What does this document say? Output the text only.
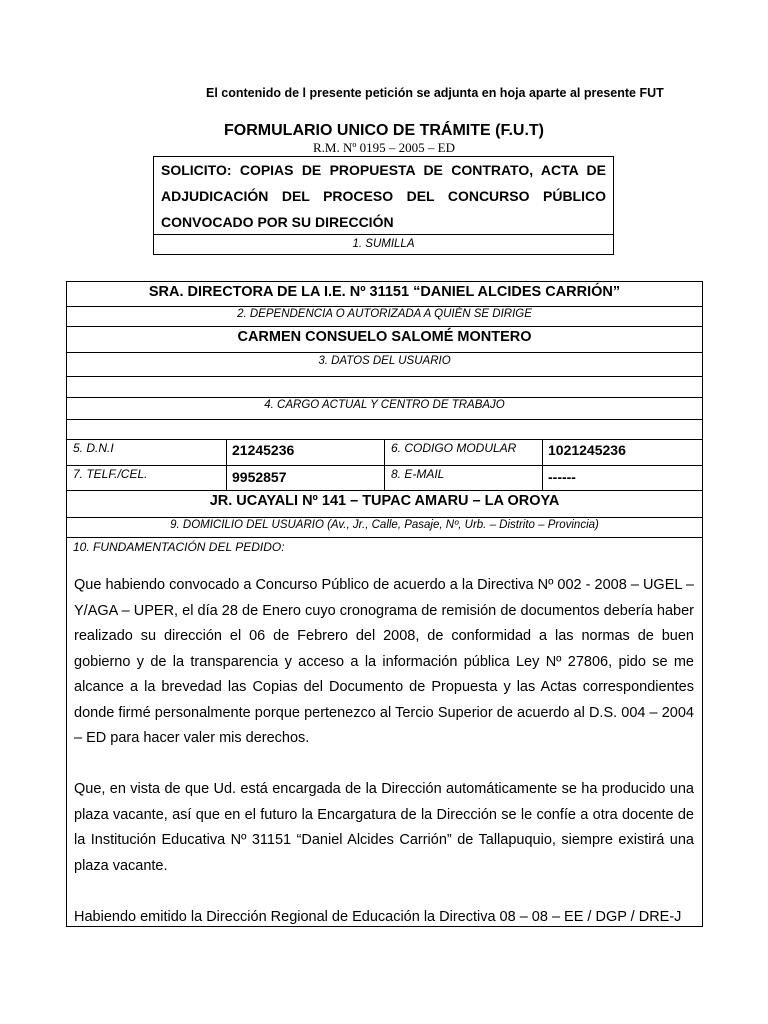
El contenido de l presente petición se adjunta en hoja aparte al presente FUT
FORMULARIO UNICO DE TRÁMITE (F.U.T)
R.M. Nº 0195 – 2005 – ED
SOLICITO: COPIAS DE PROPUESTA DE CONTRATO, ACTA DE ADJUDICACIÓN DEL PROCESO DEL CONCURSO PÚBLICO CONVOCADO POR SU DIRECCIÓN
1. SUMILLA
SRA. DIRECTORA DE LA I.E. Nº 31151 “DANIEL ALCIDES CARRIÓN”
2. DEPENDENCIA O AUTORIZADA A QUIÉN SE DIRIGE
CARMEN CONSUELO SALOMÉ MONTERO
3. DATOS DEL USUARIO
4. CARGO ACTUAL Y CENTRO DE TRABAJO
5. D.N.I	21245236	6. CODIGO MODULAR	1021245236
7. TELF./CEL.	9952857	8. E-MAIL	------
JR. UCAYALI Nº 141 – TUPAC AMARU – LA OROYA
9. DOMICILIO DEL USUARIO (Av., Jr., Calle, Pasaje, Nº, Urb. – Distrito – Provincia)
10. FUNDAMENTACIÓN DEL PEDIDO:

Que habiendo convocado a Concurso Público de acuerdo a la Directiva Nº 002 - 2008 – UGEL – Y/AGA – UPER, el día 28 de Enero cuyo cronograma de remisión de documentos debería haber realizado su dirección el 06 de Febrero del 2008, de conformidad a las normas de buen gobierno y de la transparencia y acceso a la información pública Ley Nº 27806, pido se me alcance a la brevedad las Copias del Documento de Propuesta y las Actas correspondientes donde firmé personalmente porque pertenezco al Tercio Superior de acuerdo al D.S. 004 – 2004 – ED para hacer valer mis derechos.

Que, en vista de que Ud. está encargada de la Dirección automáticamente se ha producido una plaza vacante, así que en el futuro la Encargatura de la Dirección se le confíe a otra docente de la Institución Educativa Nº 31151 “Daniel Alcides Carrión” de Tallapuquio, siempre existirá una plaza vacante.

Habiendo emitido la Dirección Regional de Educación la Directiva 08 – 08 – EE / DGP / DRE-J
